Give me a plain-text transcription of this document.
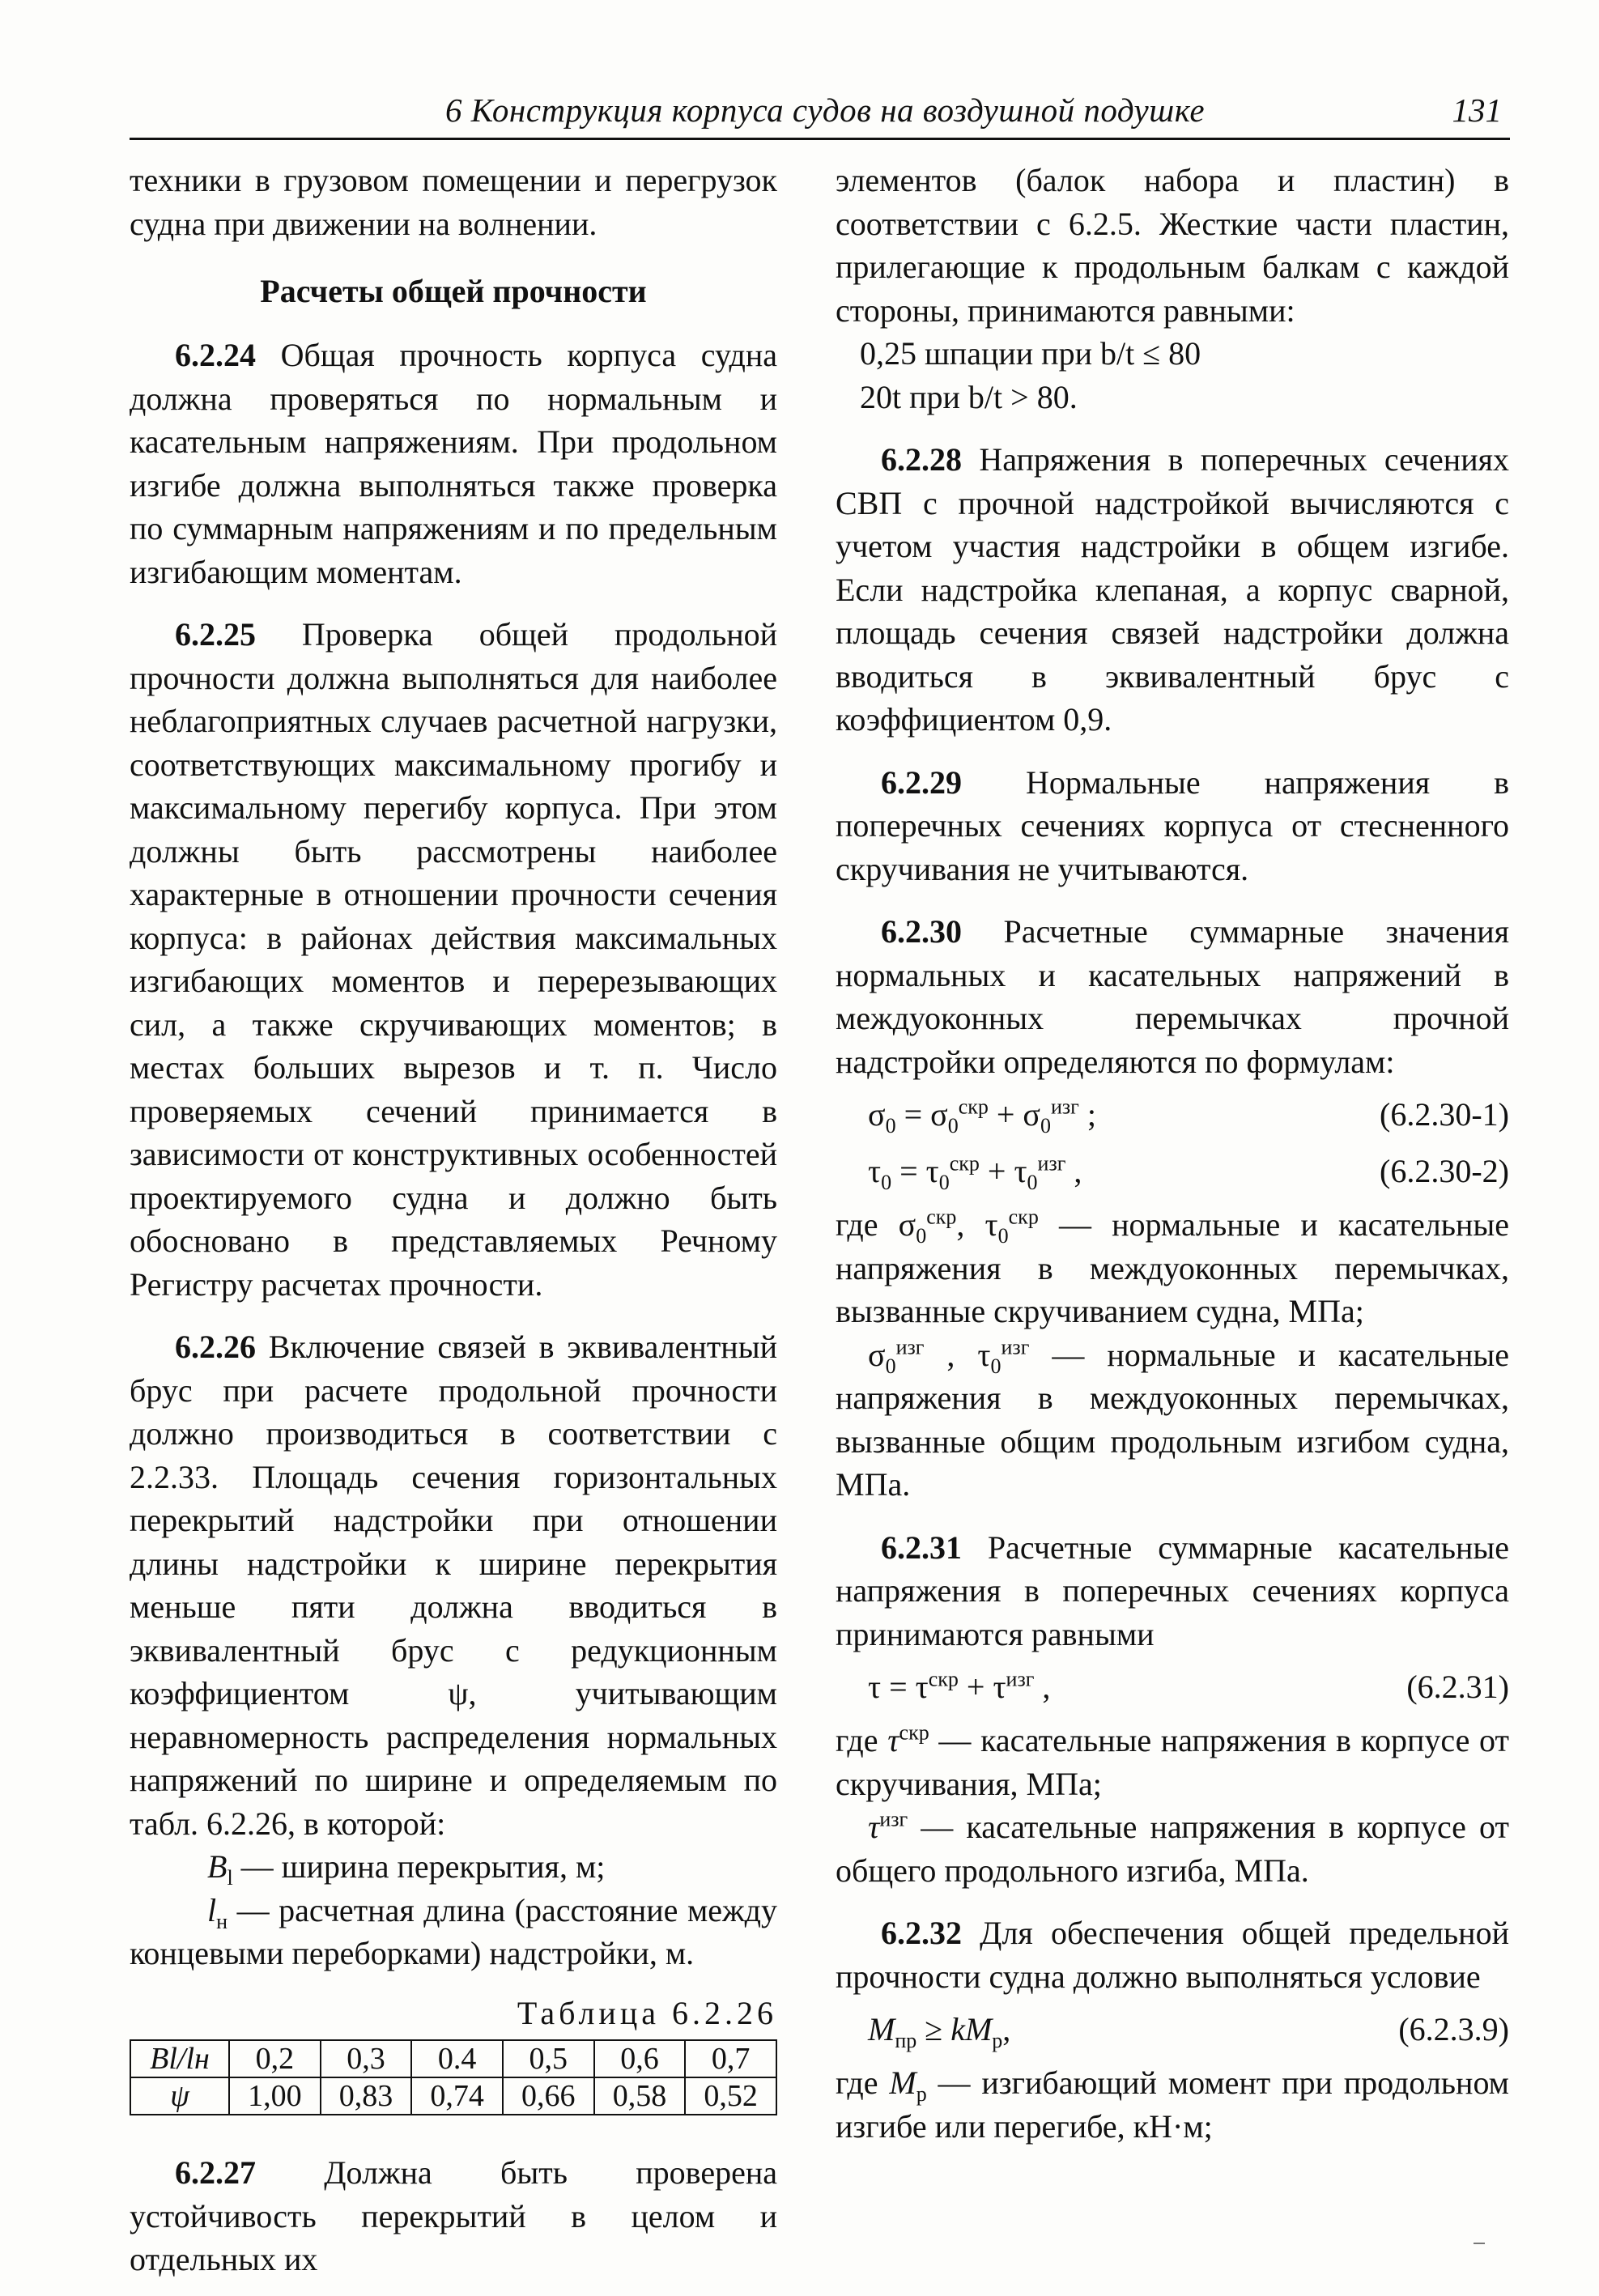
6 Конструкция корпуса судов на воздушной подушке	131

техники в грузовом помещении и перегрузок судна при движении на волнении.

Расчеты общей прочности

6.2.24 Общая прочность корпуса судна должна проверяться по нормальным и касательным напряжениям. При продольном изгибе должна выполняться также проверка по суммарным напряжениям и по предельным изгибающим моментам.

6.2.25 Проверка общей продольной прочности должна выполняться для наиболее неблагоприятных случаев расчетной нагрузки, соответствующих максимальному прогибу и максимальному перегибу корпуса. При этом должны быть рассмотрены наиболее характерные в отношении прочности сечения корпуса: в районах действия максимальных изгибающих моментов и перерезывающих сил, а также скручивающих моментов; в местах больших вырезов и т. п. Число проверяемых сечений принимается в зависимости от конструктивных особенностей проектируемого судна и должно быть обосновано в представляемых Речному Регистру расчетах прочности.

6.2.26 Включение связей в эквивалентный брус при расчете продольной прочности должно производиться в соответствии с 2.2.33. Площадь сечения горизонтальных перекрытий надстройки при отношении длины надстройки к ширине перекрытия меньше пяти должна вводиться в эквивалентный брус с редукционным коэффициентом ψ, учитывающим неравномерность распределения нормальных напряжений по ширине и определяемым по табл. 6.2.26, в которой:

$B_l$ — ширина перекрытия, м;

$l_н$ — расчетная длина (расстояние между концевыми переборками) надстройки, м.

Таблица 6.2.26

Bl/lн	0,2	0,3	0.4	0,5	0,6	0,7
ψ	1,00	0,83	0,74	0,66	0,58	0,52

6.2.27 Должна быть проверена устойчивость перекрытий в целом и отдельных их

элементов (балок набора и пластин) в соответствии с 6.2.5. Жесткие части пластин, прилегающие к продольным балкам с каждой стороны, принимаются равными:

0,25 шпации при b/t ≤ 80

20t при b/t > 80.

6.2.28 Напряжения в поперечных сечениях СВП с прочной надстройкой вычисляются с учетом участия надстройки в общем изгибе. Если надстройка клепаная, а корпус сварной, площадь сечения связей надстройки должна вводиться в эквивалентный брус с коэффициентом 0,9.

6.2.29 Нормальные напряжения в поперечных сечениях корпуса от стесненного скручивания не учитываются.

6.2.30 Расчетные суммарные значения нормальных и касательных напряжений в междуоконных перемычках прочной надстройки определяются по формулам:

$\sigma_0 = \sigma_0^{скр} + \sigma_0^{изг}$ ;	(6.2.30-1)
$\tau_0 = \tau_0^{скр} + \tau_0^{изг}$ ,	(6.2.30-2)

где $\sigma_0^{скр}$, $\tau_0^{скр}$ — нормальные и касательные напряжения в междуоконных перемычках, вызванные скручиванием судна, МПа;

$\sigma_0^{изг}$ , $\tau_0^{изг}$ — нормальные и касательные напряжения в междуоконных перемычках, вызванные общим продольным изгибом судна, МПа.

6.2.31 Расчетные суммарные касательные напряжения в поперечных сечениях корпуса принимаются равными

$\tau = \tau^{скр} + \tau^{изг}$ ,	(6.2.31)

где $\tau^{скр}$ — касательные напряжения в корпусе от скручивания, МПа;

$\tau^{изг}$ — касательные напряжения в корпусе от общего продольного изгиба, МПа.

6.2.32 Для обеспечения общей предельной прочности судна должно выполняться условие

$M_{пр} \ge kM_р$,	(6.2.3.9)

где $M_р$ — изгибающий момент при продольном изгибе или перегибе, кН·м;
